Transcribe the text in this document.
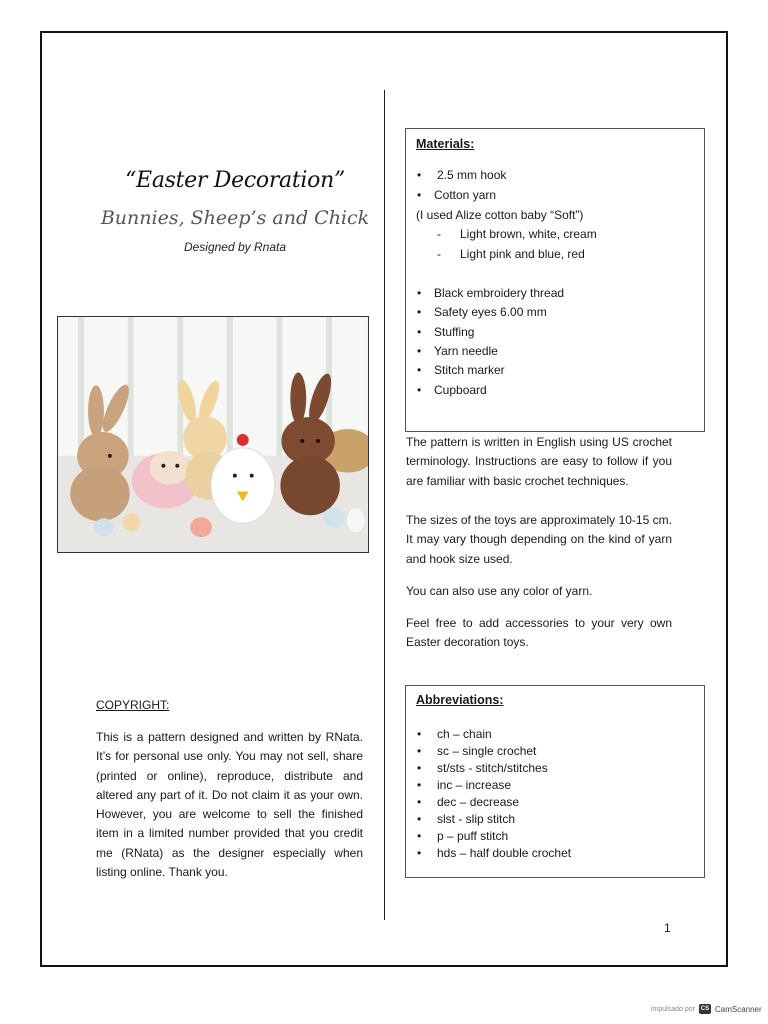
“Easter Decoration”
Bunnies, Sheep’s and Chick
Designed by Rnata
COPYRIGHT:
This is a pattern designed and written by RNata. It’s for personal use only. You may not sell, share (printed or online), reproduce, distribute and altered any part of it. Do not claim it as your own. However, you are welcome to sell the finished item in a limited number provided that you credit me (RNata) as the designer especially when listing online. Thank you.
Materials:
• 2.5 mm hook
• Cotton yarn
(I used Alize cotton baby “Soft”)
- Light brown, white, cream
- Light pink and blue, red
• Black embroidery thread
• Safety eyes 6.00 mm
• Stuffing
• Yarn needle
• Stitch marker
• Cupboard
The pattern is written in English using US crochet terminology. Instructions are easy to follow if you are familiar with basic crochet techniques.
The sizes of the toys are approximately 10-15 cm. It may vary though depending on the kind of yarn and hook size used.
You can also use any color of yarn.
Feel free to add accessories to your very own Easter decoration toys.
Abbreviations:
• ch – chain
• sc – single crochet
• st/sts - stitch/stitches
• inc – increase
• dec – decrease
• slst - slip stitch
• p – puff stitch
• hds – half double crochet
1
impulsado por CS CamScanner
